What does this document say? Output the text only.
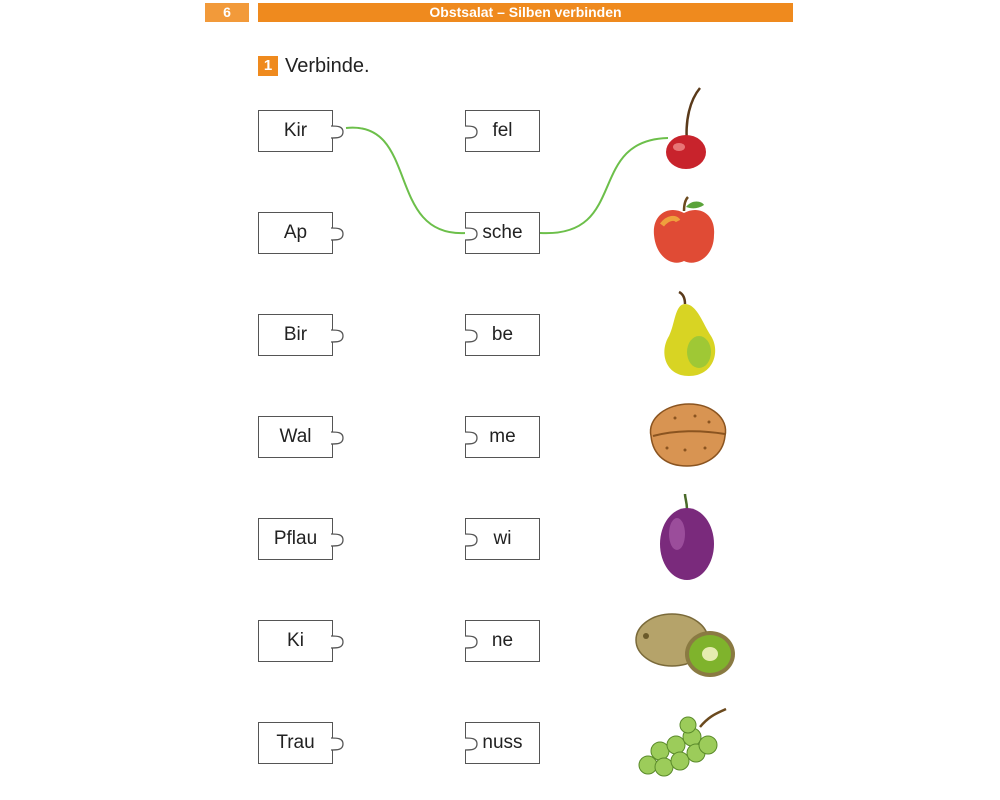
6	Obstsalat – Silben verbinden
1 Verbinde.
Kir
Ap
Bir
Wal
Pflau
Ki
Trau
fel
sche
be
me
wi
ne
nuss
